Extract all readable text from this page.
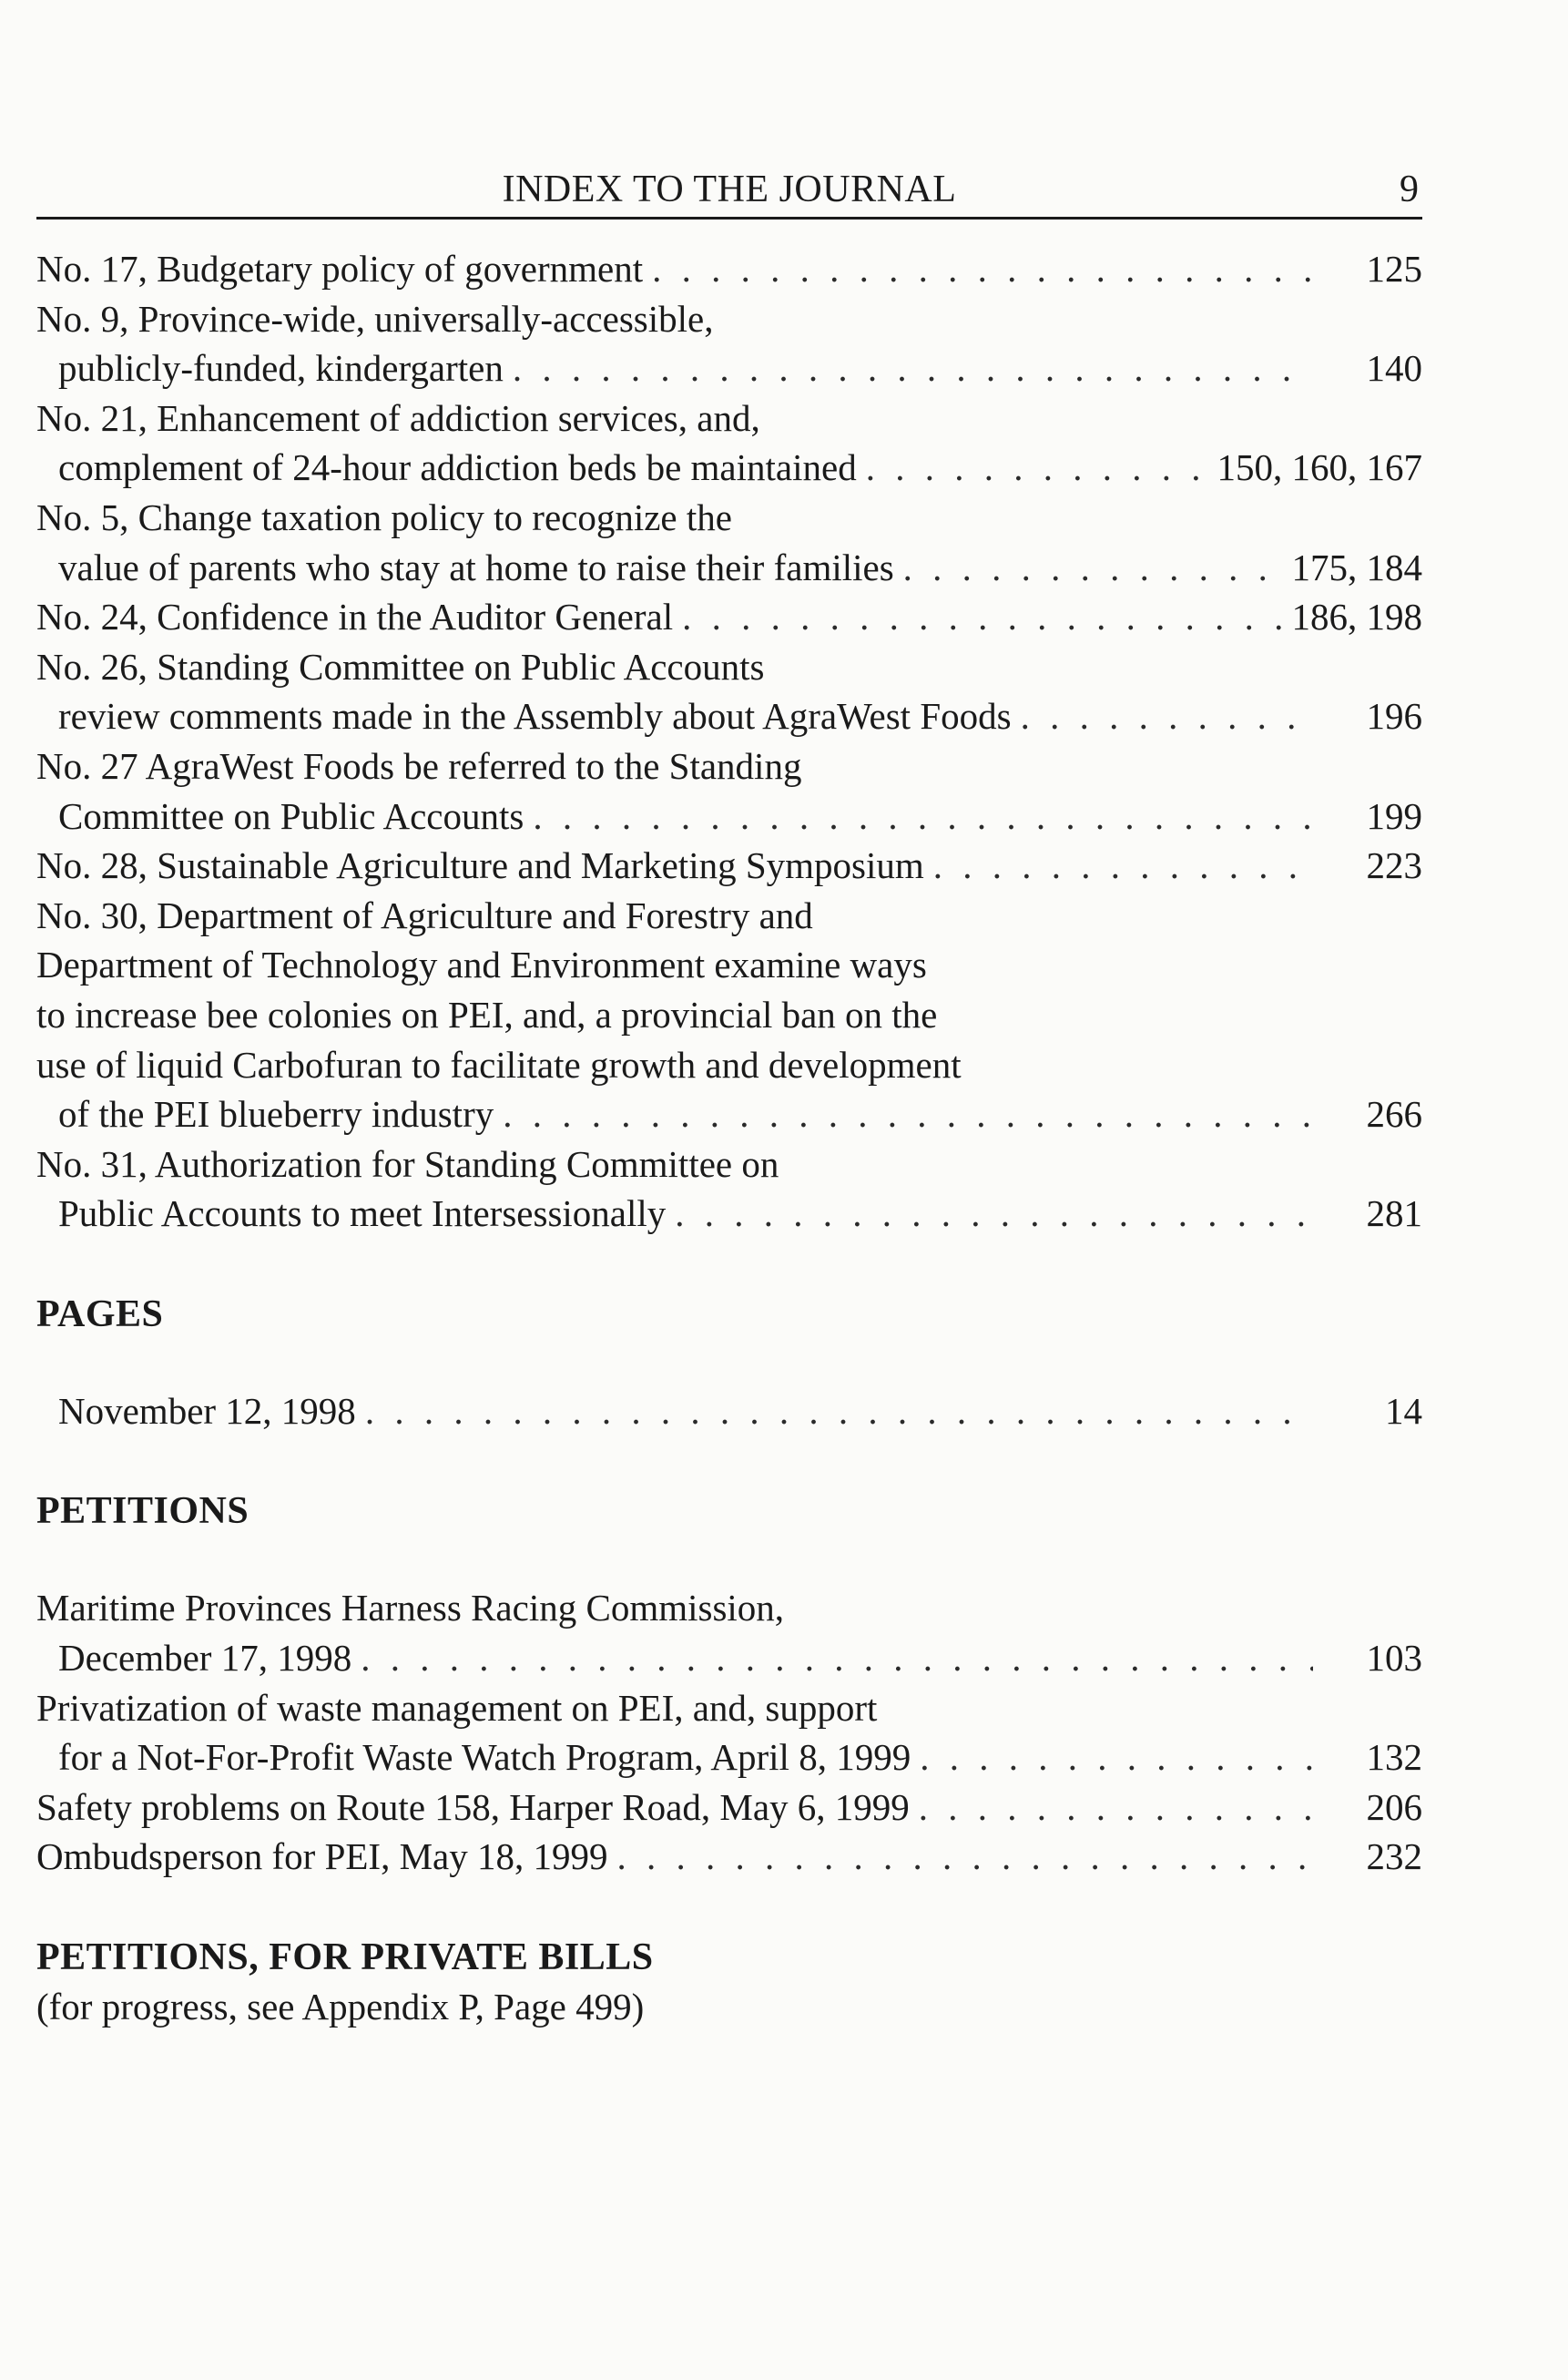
INDEX TO THE JOURNAL	9
No. 17, Budgetary policy of government . . .	125
No. 9, Province-wide, universally-accessible,
publicly-funded, kindergarten . . .	140
No. 21, Enhancement of addiction services, and,
complement of 24-hour addiction beds be maintained . . .	150, 160, 167
No. 5, Change taxation policy to recognize the
value of parents who stay at home to raise their families . . .	175, 184
No. 24, Confidence in the Auditor General . . .	186, 198
No. 26, Standing Committee on Public Accounts
review comments made in the Assembly about AgraWest Foods . . .	196
No. 27 AgraWest Foods be referred to the Standing
Committee on Public Accounts . . .	199
No. 28, Sustainable Agriculture and Marketing Symposium . . .	223
No. 30, Department of Agriculture and Forestry and
Department of Technology and Environment examine ways
to increase bee colonies on PEI, and, a provincial ban on the
use of liquid Carbofuran to facilitate growth and development
of the PEI blueberry industry . . .	266
No. 31, Authorization for Standing Committee on
Public Accounts to meet Intersessionally . . .	281
PAGES
November 12, 1998 . . .	14
PETITIONS
Maritime Provinces Harness Racing Commission,
December 17, 1998 . . .	103
Privatization of waste management on PEI, and, support
for a Not-For-Profit Waste Watch Program, April 8, 1999 . . .	132
Safety problems on Route 158, Harper Road, May 6, 1999 . . .	206
Ombudsperson for PEI, May 18, 1999 . . .	232
PETITIONS, FOR PRIVATE BILLS
(for progress, see Appendix P, Page 499)
